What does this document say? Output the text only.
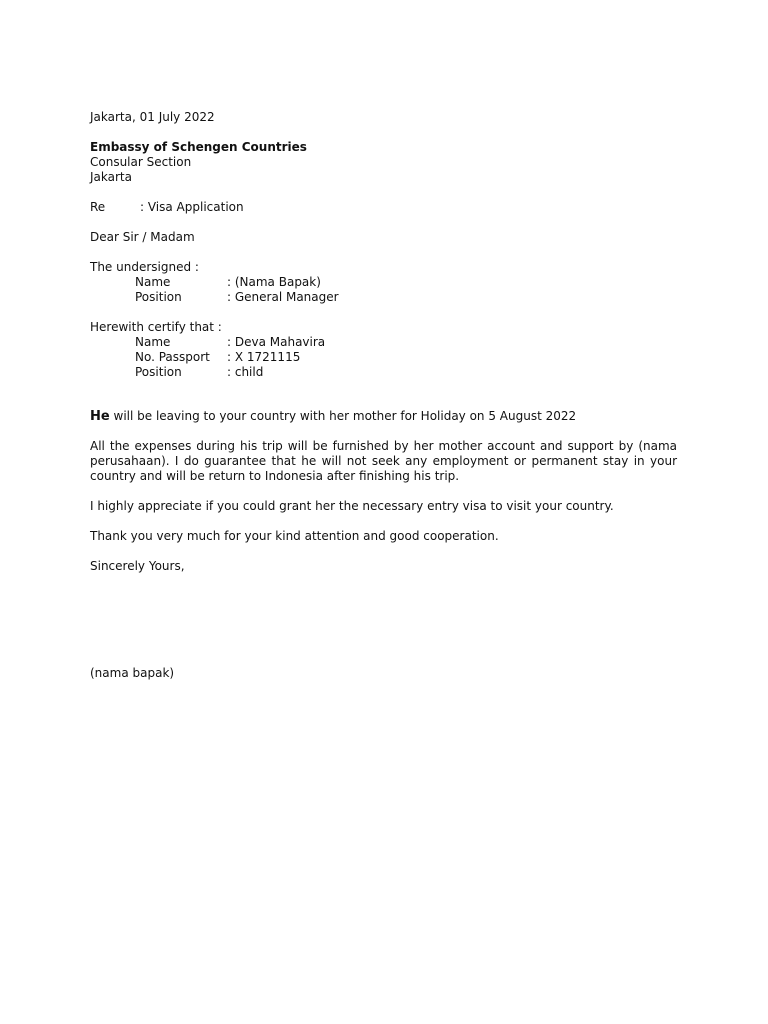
Jakarta, 01 July 2022
Embassy of Schengen Countries
Consular Section
Jakarta
Re	: Visa Application
Dear Sir / Madam
The undersigned :
Name	: (Nama Bapak)
Position	: General Manager
Herewith certify that :
Name	: Deva Mahavira
No. Passport	: X 1721115
Position	: child
He will be leaving to your country with her mother for Holiday on 5 August 2022
All the expenses during his trip will be furnished by her mother account and support by (nama perusahaan). I do guarantee that he will not seek any employment or permanent stay in your country and will be return to Indonesia after finishing his trip.
I highly appreciate if you could grant her the necessary entry visa to visit your country.
Thank you very much for your kind attention and good cooperation.
Sincerely Yours,
(nama bapak)
